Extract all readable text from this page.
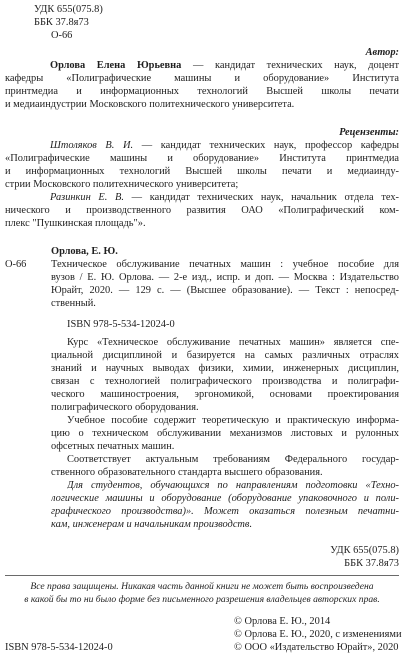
УДК 655(075.8)
ББК 37.8я73
О-66
Автор:
Орлова Елена Юрьевна — кандидат технических наук, доцент
кафедры «Полиграфические машины и оборудование» Института
принтмедиа и информационных технологий Высшей школы печати
и медиаиндустрии Московского политехнического университета.
Рецензенты:
Штоляков В. И. — кандидат технических наук, профессор кафедры
«Полиграфические машины и оборудование» Института принтмедиа
и информационных технологий Высшей школы печати и медиаинду-
стрии Московского политехнического университета;
Разинкин Е. В. — кандидат технических наук, начальник отдела тех-
нического и производственного развития ОАО «Полиграфический ком-
плекс "Пушкинская площадь"».
Орлова, Е. Ю.
О-66 Техническое обслуживание печатных машин : учебное пособие для
вузов / Е. Ю. Орлова. — 2-е изд., испр. и доп. — Москва : Издательство
Юрайт, 2020. — 129 с. — (Высшее образование). — Текст : непосред-
ственный.
ISBN 978-5-534-12024-0
Курс «Техническое обслуживание печатных машин» является спе-
циальной дисциплиной и базируется на самых различных отраслях
знаний и научных выводах физики, химии, инженерных дисциплин,
связан с технологией полиграфического производства и полиграфи-
ческого машиностроения, эргономикой, основами проектирования
полиграфического оборудования.
Учебное пособие содержит теоретическую и практическую информа-
цию о техническом обслуживании механизмов листовых и рулонных
офсетных печатных машин.
Соответствует актуальным требованиям Федерального государ-
ственного образовательного стандарта высшего образования.
Для студентов, обучающихся по направлениям подготовки «Техно-
логические машины и оборудование (оборудование упаковочного и поли-
графического производства)». Может оказаться полезным печатни-
кам, инженерам и начальникам производств.
УДК 655(075.8)
ББК 37.8я73
Все права защищены. Никакая часть данной книги не может быть воспроизведена
в какой бы то ни было форме без письменного разрешения владельцев авторских прав.
© Орлова Е. Ю., 2014
© Орлова Е. Ю., 2020, с изменениями
ISBN 978-5-534-12024-0	© ООО «Издательство Юрайт», 2020
